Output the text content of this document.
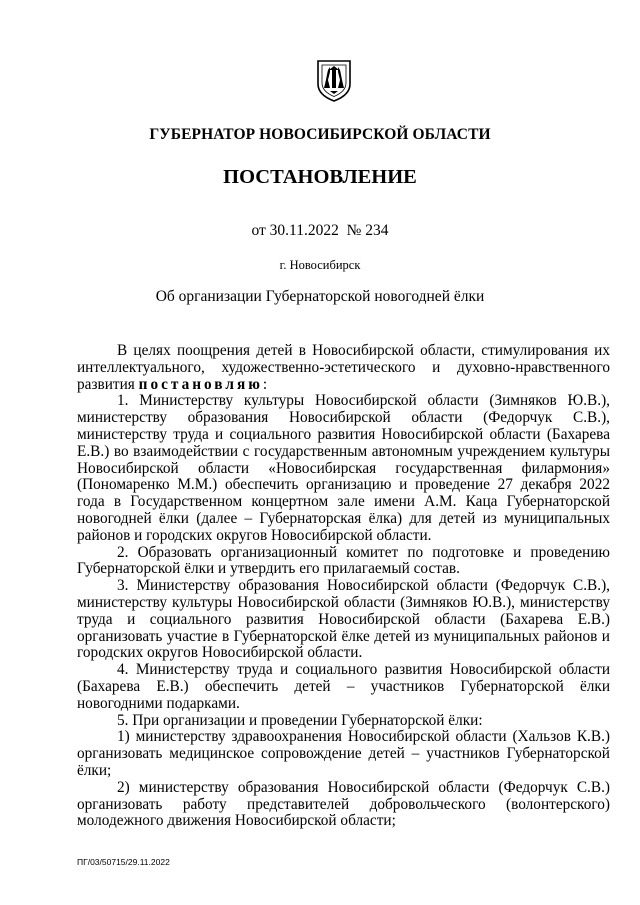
ГУБЕРНАТОР НОВОСИБИРСКОЙ ОБЛАСТИ
ПОСТАНОВЛЕНИЕ
от 30.11.2022  № 234
г. Новосибирск
Об организации Губернаторской новогодней ёлки

В целях поощрения детей в Новосибирской области, стимулирования их интеллектуального, художественно-эстетического и духовно-нравственного развития постановляю:

1. Министерству культуры Новосибирской области (Зимняков Ю.В.), министерству образования Новосибирской области (Федорчук С.В.), министерству труда и социального развития Новосибирской области (Бахарева Е.В.) во взаимодействии с государственным автономным учреждением культуры Новосибирской области «Новосибирская государственная филармония» (Пономаренко М.М.) обеспечить организацию и проведение 27 декабря 2022 года в Государственном концертном зале имени А.М. Каца Губернаторской новогодней ёлки (далее – Губернаторская ёлка) для детей из муниципальных районов и городских округов Новосибирской области.

2. Образовать организационный комитет по подготовке и проведению Губернаторской ёлки и утвердить его прилагаемый состав.

3. Министерству образования Новосибирской области (Федорчук С.В.), министерству культуры Новосибирской области (Зимняков Ю.В.), министерству труда и социального развития Новосибирской области (Бахарева Е.В.) организовать участие в Губернаторской ёлке детей из муниципальных районов и городских округов Новосибирской области.

4. Министерству труда и социального развития Новосибирской области (Бахарева Е.В.) обеспечить детей – участников Губернаторской ёлки новогодними подарками.

5. При организации и проведении Губернаторской ёлки:

1) министерству здравоохранения Новосибирской области (Хальзов К.В.) организовать медицинское сопровождение детей – участников Губернаторской ёлки;

2) министерству образования Новосибирской области (Федорчук С.В.) организовать работу представителей добровольческого (волонтерского) молодежного движения Новосибирской области;

ПГ/03/50715/29.11.2022
